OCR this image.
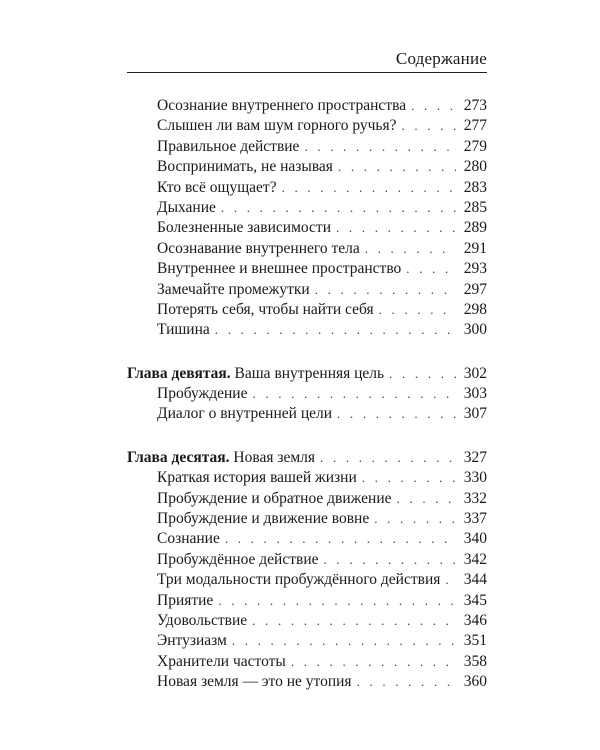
Содержание
Осознание внутреннего пространства . . .	273
Слышен ли вам шум горного ручья? . . .	277
Правильное действие . . .	279
Воспринимать, не называя . . .	280
Кто всё ощущает? . . .	283
Дыхание . . .	285
Болезненные зависимости . . .	289
Осознавание внутреннего тела . . .	291
Внутреннее и внешнее пространство . . .	293
Замечайте промежутки . . .	297
Потерять себя, чтобы найти себя . . .	298
Тишина . . .	300
Глава девятая. Ваша внутренняя цель . . .	302
Пробуждение . . .	303
Диалог о внутренней цели . . .	307
Глава десятая. Новая земля . . .	327
Краткая история вашей жизни . . .	330
Пробуждение и обратное движение . . .	332
Пробуждение и движение вовне . . .	337
Сознание . . .	340
Пробуждённое действие . . .	342
Три модальности пробуждённого действия . . . 344
Приятие . . .	345
Удовольствие . . .	346
Энтузиазм . . .	351
Хранители частоты . . .	358
Новая земля — это не утопия . . .	360
